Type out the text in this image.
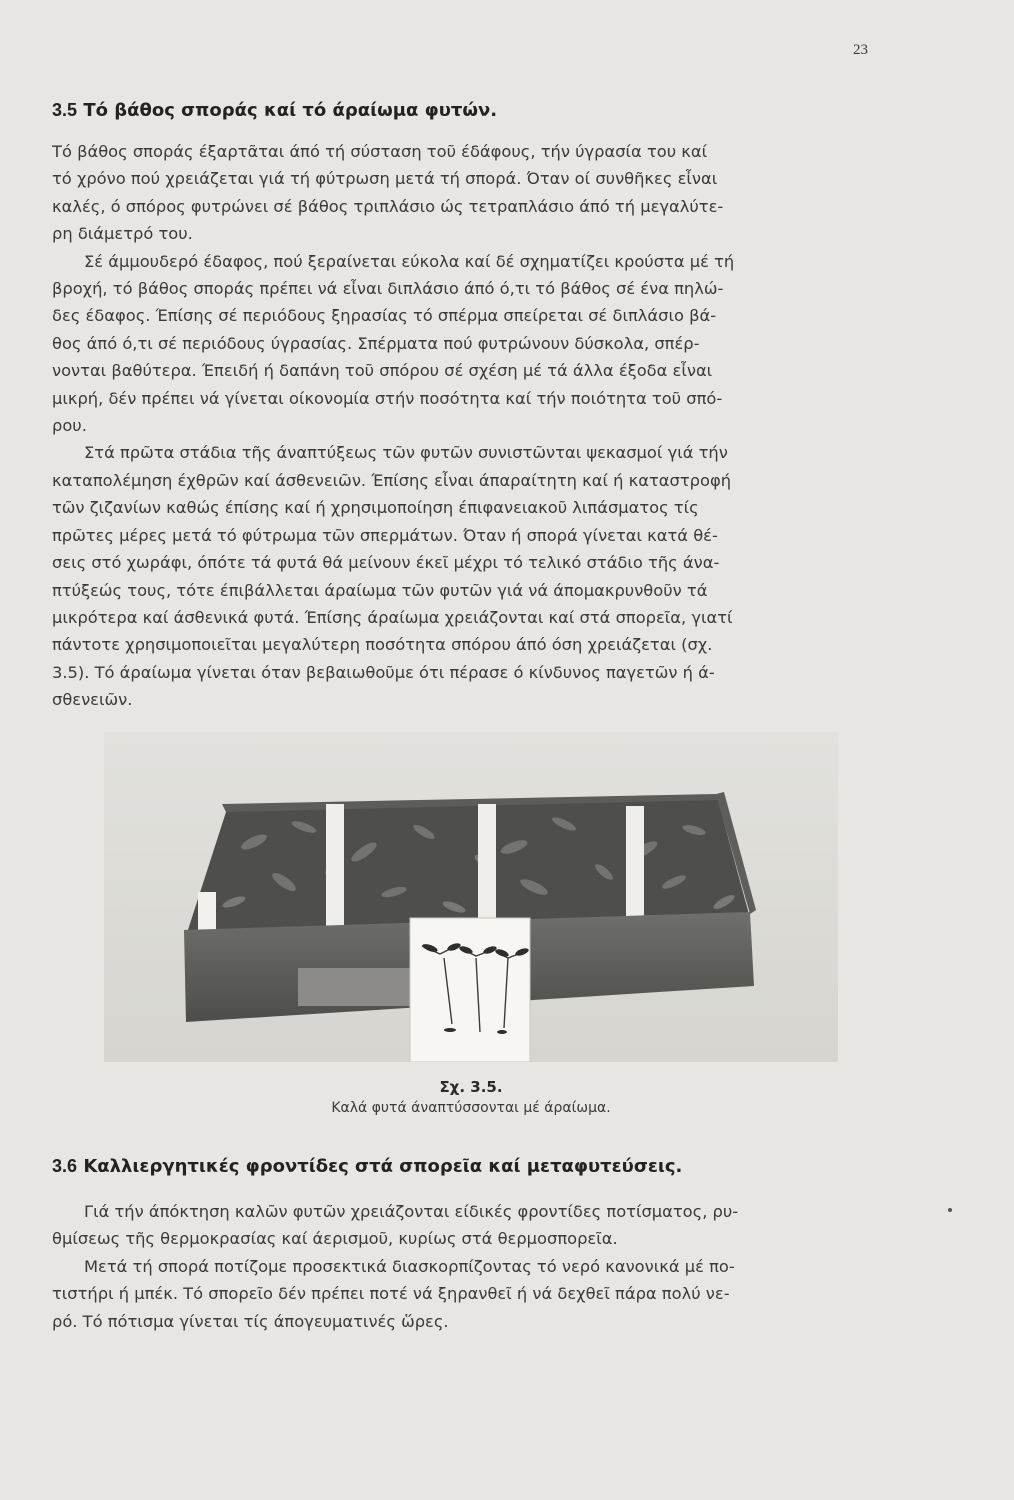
23
3.5 Τό βάθος σποράς καί τό άραίωμα φυτών.
Τό βάθος σποράς έξαρτᾶται άπό τή σύσταση τοῦ έδάφους, τήν ύγρασία του καί
τό χρόνο πού χρειάζεται γιά τή φύτρωση μετά τή σπορά. Όταν οί συνθῆκες εἶναι
καλές, ό σπόρος φυτρώνει σέ βάθος τριπλάσιο ώς τετραπλάσιο άπό τή μεγαλύτε-
ρη διάμετρό του.
Σέ άμμουδερό έδαφος, πού ξεραίνεται εύκολα καί δέ σχηματίζει κρούστα μέ τή
βροχή, τό βάθος σποράς πρέπει νά εἶναι διπλάσιο άπό ό,τι τό βάθος σέ ένα πηλώ-
δες έδαφος. Έπίσης σέ περιόδους ξηρασίας τό σπέρμα σπείρεται σέ διπλάσιο βά-
θος άπό ό,τι σέ περιόδους ύγρασίας. Σπέρματα πού φυτρώνουν δύσκολα, σπέρ-
νονται βαθύτερα. Έπειδή ή δαπάνη τοῦ σπόρου σέ σχέση μέ τά άλλα έξοδα εἶναι
μικρή, δέν πρέπει νά γίνεται οίκονομία στήν ποσότητα καί τήν ποιότητα τοῦ σπό-
ρου.
Στά πρῶτα στάδια τῆς άναπτύξεως τῶν φυτῶν συνιστῶνται ψεκασμοί γιά τήν
καταπολέμηση έχθρῶν καί άσθενειῶν. Έπίσης εἶναι άπαραίτητη καί ή καταστροφή
τῶν ζιζανίων καθώς έπίσης καί ή χρησιμοποίηση έπιφανειακοῦ λιπάσματος τίς
πρῶτες μέρες μετά τό φύτρωμα τῶν σπερμάτων. Όταν ή σπορά γίνεται κατά θέ-
σεις στό χωράφι, όπότε τά φυτά θά μείνουν έκεῖ μέχρι τό τελικό στάδιο τῆς άνα-
πτύξεώς τους, τότε έπιβάλλεται άραίωμα τῶν φυτῶν γιά νά άπομακρυνθοῦν τά
μικρότερα καί άσθενικά φυτά. Έπίσης άραίωμα χρειάζονται καί στά σπορεῖα, γιατί
πάντοτε χρησιμοποιεῖται μεγαλύτερη ποσότητα σπόρου άπό όση χρειάζεται (σχ.
3.5). Τό άραίωμα γίνεται όταν βεβαιωθοῦμε ότι πέρασε ό κίνδυνος παγετῶν ή ά-
σθενειῶν.
Σχ. 3.5.
Καλά φυτά άναπτύσσονται μέ άραίωμα.
3.6 Καλλιεργητικές φροντίδες στά σπορεῖα καί μεταφυτεύσεις.
Γιά τήν άπόκτηση καλῶν φυτῶν χρειάζονται είδικές φροντίδες ποτίσματος, ρυ-
θμίσεως τῆς θερμοκρασίας καί άερισμοῦ, κυρίως στά θερμοσπορεῖα.
Μετά τή σπορά ποτίζομε προσεκτικά διασκορπίζοντας τό νερό κανονικά μέ πο-
τιστήρι ή μπέκ. Τό σπορεῖο δέν πρέπει ποτέ νά ξηρανθεῖ ή νά δεχθεῖ πάρα πολύ νε-
ρό. Τό πότισμα γίνεται τίς άπογευματινές ὥρες.
